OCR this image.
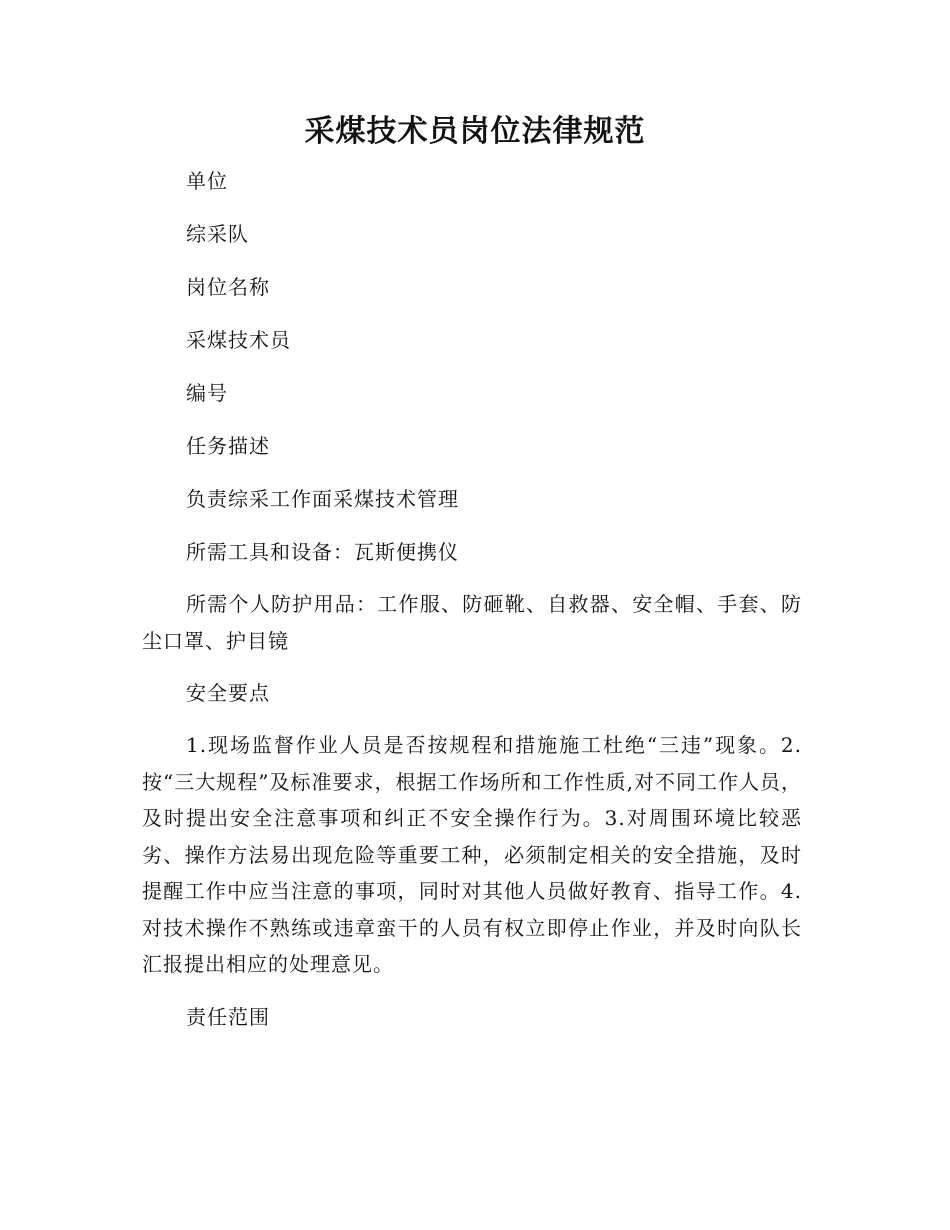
采煤技术员岗位法律规范

单位

综采队

岗位名称

采煤技术员

编号

任务描述

负责综采工作面采煤技术管理

所需工具和设备：瓦斯便携仪

所需个人防护用品：工作服、防砸靴、自救器、安全帽、手套、防尘口罩、护目镜

安全要点

1.现场监督作业人员是否按规程和措施施工杜绝“三违”现象。2.按“三大规程”及标准要求，根据工作场所和工作性质,对不同工作人员，及时提出安全注意事项和纠正不安全操作行为。3.对周围环境比较恶劣、操作方法易出现危险等重要工种，必须制定相关的安全措施，及时提醒工作中应当注意的事项，同时对其他人员做好教育、指导工作。4.对技术操作不熟练或违章蛮干的人员有权立即停止作业，并及时向队长汇报提出相应的处理意见。

责任范围
